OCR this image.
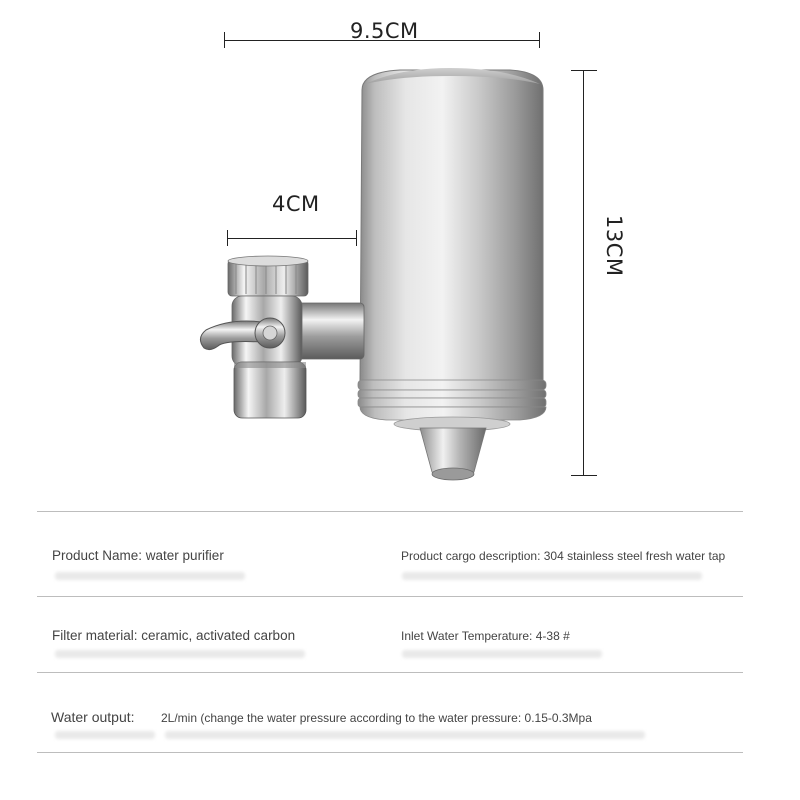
9.5CM
4CM
13CM
Product Name: water purifier	Product cargo description: 304 stainless steel fresh water tap
Filter material: ceramic, activated carbon	Inlet Water Temperature: 4-38 #
Water output: 2L/min (change the water pressure according to the water pressure: 0.15-0.3Mpa
